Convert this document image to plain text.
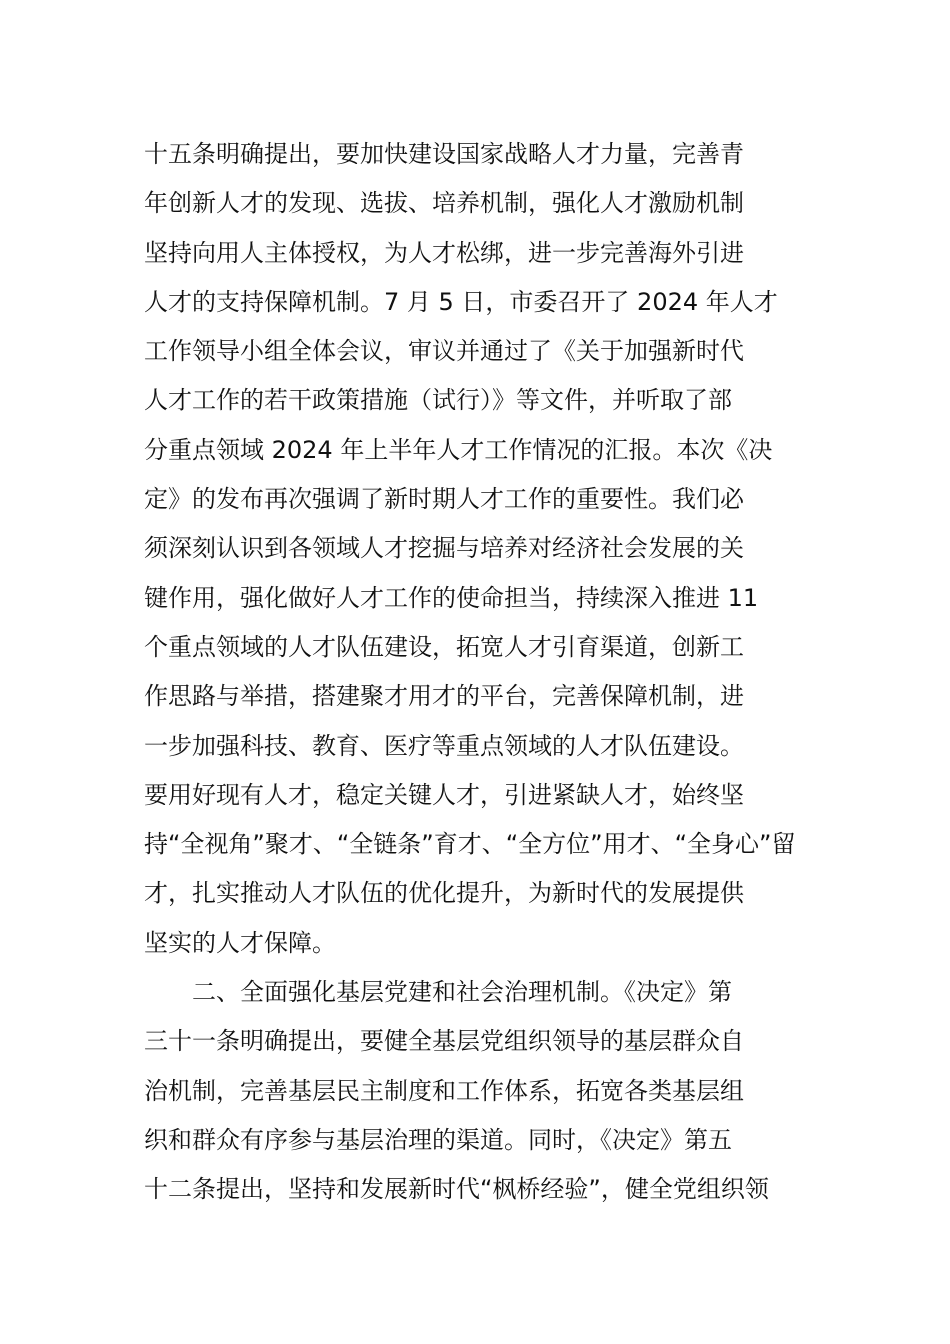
十五条明确提出，要加快建设国家战略人才力量，完善青
年创新人才的发现、选拔、培养机制，强化人才激励机制
坚持向用人主体授权，为人才松绑，进一步完善海外引进
人才的支持保障机制。7 月 5 日，市委召开了 2024 年人才
工作领导小组全体会议，审议并通过了《关于加强新时代
人才工作的若干政策措施（试行）》等文件，并听取了部
分重点领域 2024 年上半年人才工作情况的汇报。本次《决
定》的发布再次强调了新时期人才工作的重要性。我们必
须深刻认识到各领域人才挖掘与培养对经济社会发展的关
键作用，强化做好人才工作的使命担当，持续深入推进 11
个重点领域的人才队伍建设，拓宽人才引育渠道，创新工
作思路与举措，搭建聚才用才的平台，完善保障机制，进
一步加强科技、教育、医疗等重点领域的人才队伍建设。
要用好现有人才，稳定关键人才，引进紧缺人才，始终坚
持“全视角”聚才、“全链条”育才、“全方位”用才、“全身心”留
才，扎实推动人才队伍的优化提升，为新时代的发展提供
坚实的人才保障。
二、全面强化基层党建和社会治理机制。《决定》第
三十一条明确提出，要健全基层党组织领导的基层群众自
治机制，完善基层民主制度和工作体系，拓宽各类基层组
织和群众有序参与基层治理的渠道。同时，《决定》第五
十二条提出，坚持和发展新时代“枫桥经验”，健全党组织领
